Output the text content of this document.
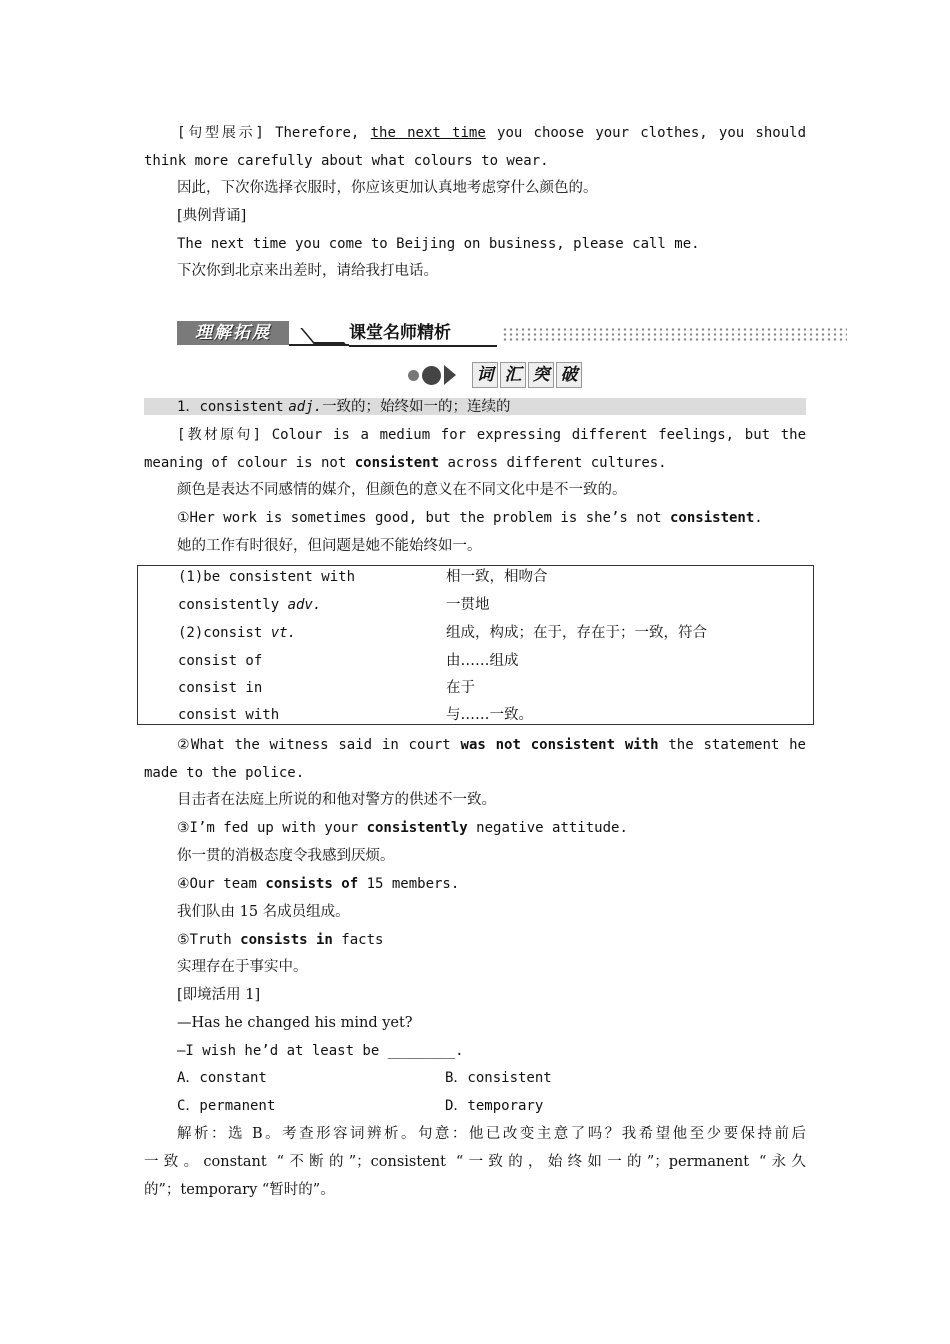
[句型展示] Therefore, the next time you choose your clothes, you should
think more carefully about what colours to wear.
因此，下次你选择衣服时，你应该更加认真地考虑穿什么颜色的。
[典例背诵]
The next time you come to Beijing on business, please call me.
下次你到北京来出差时，请给我打电话。
理解拓展	课堂名师精析
词 汇 突 破
1．consistent adj.一致的；始终如一的；连续的
[教材原句] Colour is a medium for expressing different feelings, but the
meaning of colour is not consistent across different cultures.
颜色是表达不同感情的媒介，但颜色的意义在不同文化中是不一致的。
①Her work is sometimes good, but the problem is she’s not consistent.
她的工作有时很好，但问题是她不能始终如一。
(1)be consistent with	相一致，相吻合
consistently adv.	一贯地
(2)consist vt.	组成，构成；在于，存在于；一致，符合
consist of	由……组成
consist in	在于
consist with	与……一致。
②What the witness said in court was not consistent with the statement he
made to the police.
目击者在法庭上所说的和他对警方的供述不一致。
③I’m fed up with your consistently negative attitude.
你一贯的消极态度令我感到厌烦。
④Our team consists of 15 members.
我们队由 15 名成员组成。
⑤Truth consists in facts
实理存在于事实中。
[即境活用 1]
—Has he changed his mind yet?
—I wish he’d at least be ________.
A．constant	B．consistent
C．permanent	D．temporary
解析：选 B。考查形容词辨析。句意：他已改变主意了吗？我希望他至少要保持前后
一致。constant “不断的”；consistent “一致的，始终如一的”；permanent “永久
的”；temporary “暂时的”。
